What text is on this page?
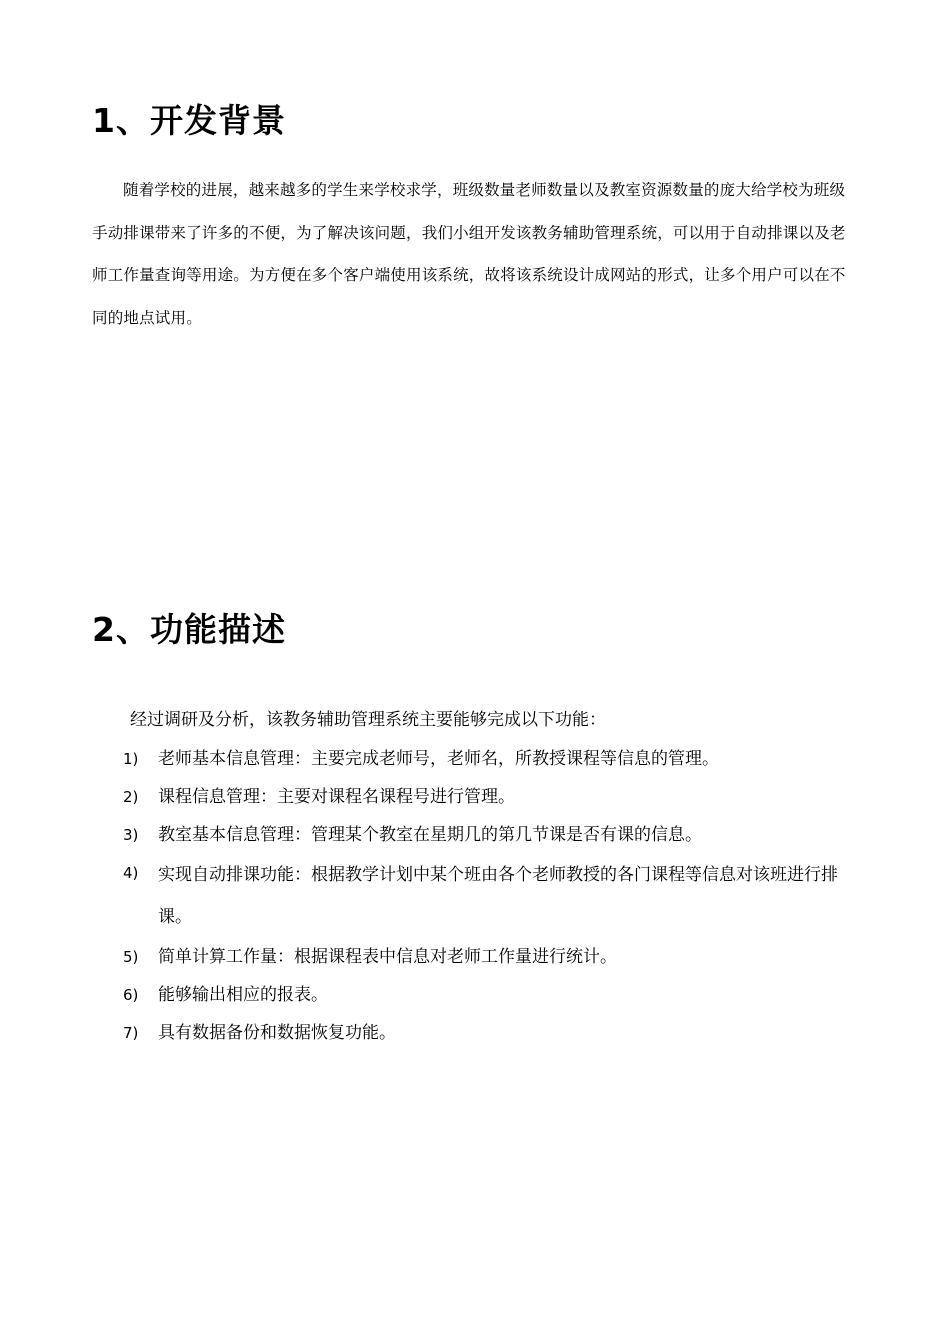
1、开发背景

随着学校的进展，越来越多的学生来学校求学，班级数量老师数量以及教室资源数量的庞大给学校为班级手动排课带来了许多的不便，为了解决该问题，我们小组开发该教务辅助管理系统，可以用于自动排课以及老师工作量查询等用途。为方便在多个客户端使用该系统，故将该系统设计成网站的形式，让多个用户可以在不同的地点试用。

2、功能描述

经过调研及分析，该教务辅助管理系统主要能够完成以下功能：

1) 老师基本信息管理：主要完成老师号，老师名，所教授课程等信息的管理。
2) 课程信息管理：主要对课程名课程号进行管理。
3) 教室基本信息管理：管理某个教室在星期几的第几节课是否有课的信息。
4) 实现自动排课功能：根据教学计划中某个班由各个老师教授的各门课程等信息对该班进行排课。
5) 简单计算工作量：根据课程表中信息对老师工作量进行统计。
6) 能够输出相应的报表。
7) 具有数据备份和数据恢复功能。
